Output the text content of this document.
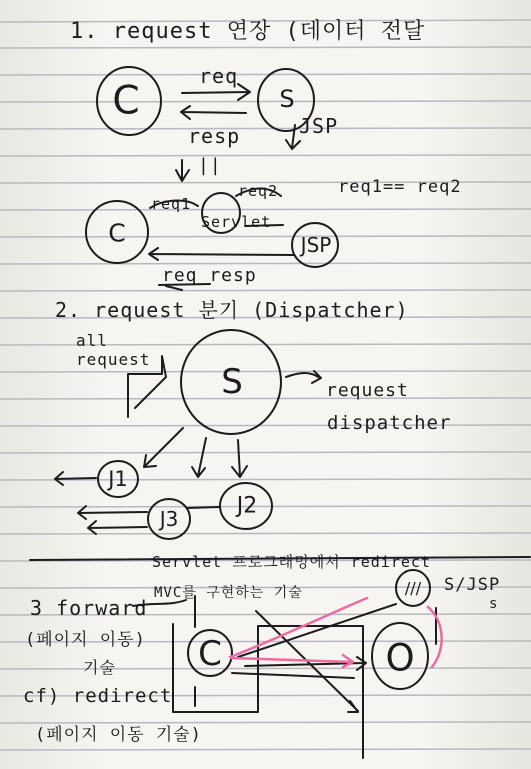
1. request 연장 (데이터 전달
C	S
req
resp	JSP
||
C
req1
req2
Servlet
JSP
req1== req2
req resp
2. request 분기 (Dispatcher)
all request
S	request
dispatcher
J1
J2
J3
Servlet 프로그래밍에서 redirect
MVC를 구현하는 기술
3 forward
(페이지 이동)
기술
cf) redirect
(페이지 이동 기술)
C	O
/// S/JSP
s
